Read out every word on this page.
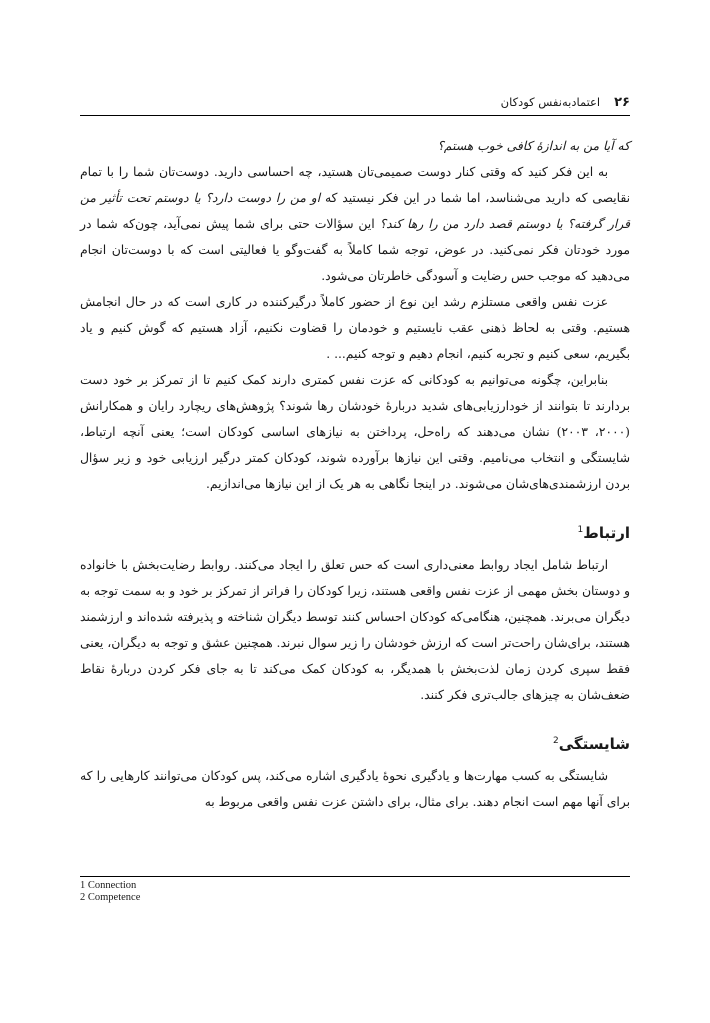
۲۶
اعتمادبه‌نفس کودکان

که آیا من به اندازهٔ کافی خوب هستم؟

به این فکر کنید که وقتی کنار دوست صمیمی‌تان هستید، چه احساسی دارید. دوست‌تان شما را با تمام نقایصی که دارید می‌شناسد، اما شما در این فکر نیستید که او من را دوست دارد؟ یا دوستم تحت تأثیر من قرار گرفته؟ یا دوستم قصد دارد من را رها کند؟ این سؤالات حتی برای شما پیش نمی‌آید، چون‌که شما در مورد خودتان فکر نمی‌کنید. در عوض، توجه شما کاملاً به گفت‌وگو یا فعالیتی است که با دوست‌تان انجام می‌دهید که موجب حس رضایت و آسودگی خاطرتان می‌شود.

عزت نفس واقعی مستلزم رشد این نوع از حضور کاملاً درگیرکننده در کاری است که در حال انجامش هستیم. وقتی به لحاظ ذهنی عقب نایستیم و خودمان را قضاوت نکنیم، آزاد هستیم که گوش کنیم و یاد بگیریم، سعی کنیم و تجربه کنیم، انجام دهیم و توجه کنیم... .

بنابراین، چگونه می‌توانیم به کودکانی که عزت نفس کمتری دارند کمک کنیم تا از تمرکز بر خود دست بردارند تا بتوانند از خودارزیابی‌های شدید دربارهٔ خودشان رها شوند؟ پژوهش‌های ریچارد رایان و همکارانش (۲۰۰۰، ۲۰۰۳) نشان می‌دهند که راه‌حل، پرداختن به نیازهای اساسی کودکان است؛ یعنی آنچه ارتباط، شایستگی و انتخاب می‌نامیم. وقتی این نیازها برآورده شوند، کودکان کمتر درگیر ارزیابی خود و زیر سؤال بردن ارزشمندی‌های‌شان می‌شوند. در اینجا نگاهی به هر یک از این نیازها می‌اندازیم.

ارتباط$^1$

ارتباط شامل ایجاد روابط معنی‌داری است که حس تعلق را ایجاد می‌کنند. روابط رضایت‌بخش با خانواده و دوستان بخش مهمی از عزت نفس واقعی هستند، زیرا کودکان را فراتر از تمرکز بر خود و به سمت توجه به دیگران می‌برند. همچنین، هنگامی‌که کودکان احساس کنند توسط دیگران شناخته و پذیرفته شده‌اند و ارزشمند هستند، برای‌شان راحت‌تر است که ارزش خودشان را زیر سوال نبرند. همچنین عشق و توجه به دیگران، یعنی فقط سپری کردن زمان لذت‌بخش با همدیگر، به کودکان کمک می‌کند تا به جای فکر کردن دربارهٔ نقاط ضعف‌شان به چیزهای جالب‌تری فکر کنند.

شایستگی$^2$

شایستگی به کسب مهارت‌ها و یادگیری نحوهٔ یادگیری اشاره می‌کند، پس کودکان می‌توانند کارهایی را که برای آنها مهم است انجام دهند. برای مثال، برای داشتن عزت نفس واقعی مربوط به

1 Connection
2 Competence
